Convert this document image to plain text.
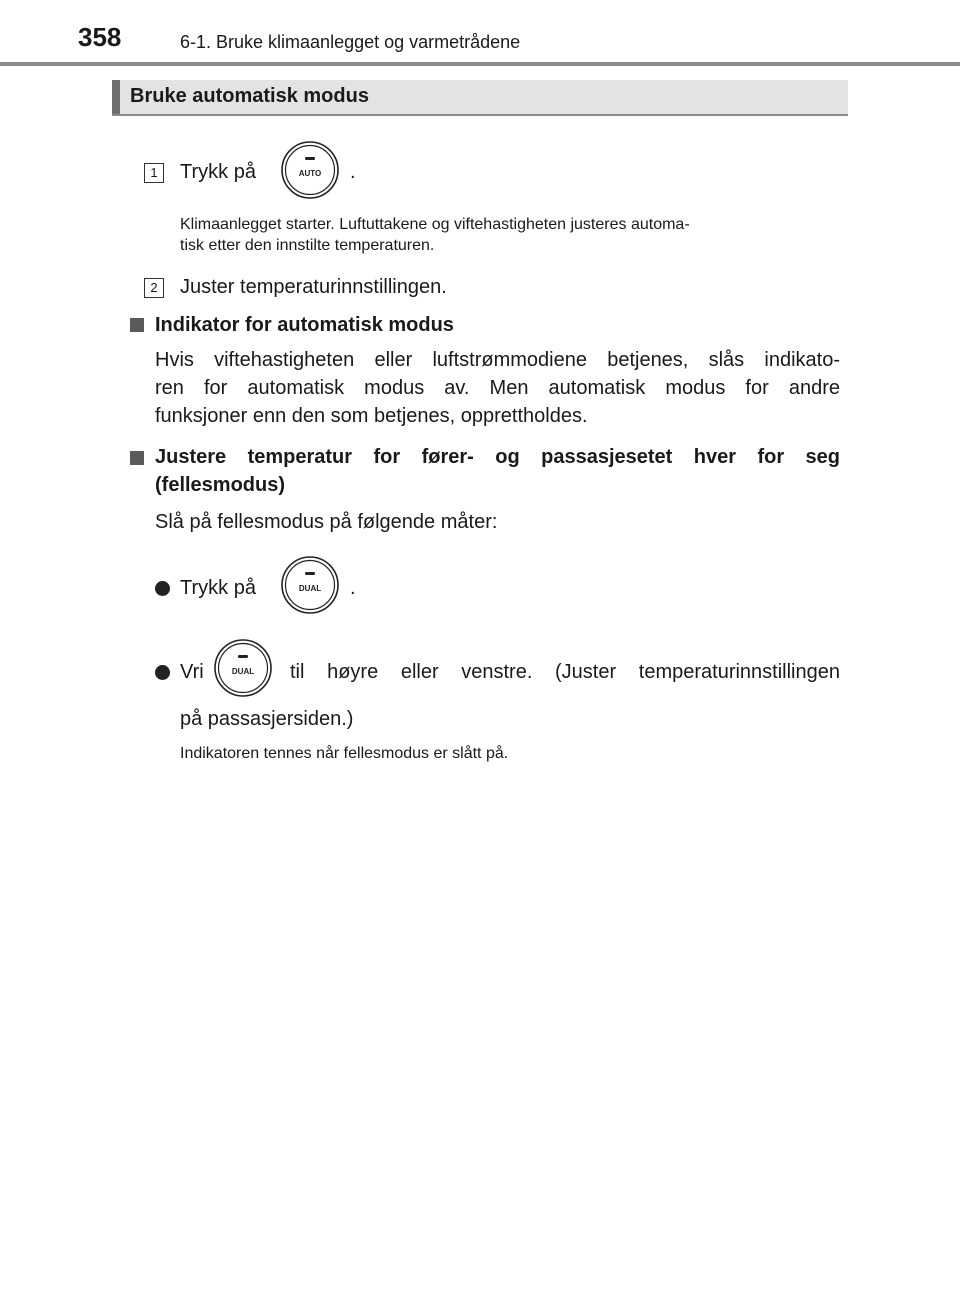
358	6-1. Bruke klimaanlegget og varmetrådene
Bruke automatisk modus
1	Trykk på	AUTO .
Klimaanlegget starter. Luftuttakene og viftehastigheten justeres automa-
tisk etter den innstilte temperaturen.
2	Juster temperaturinnstillingen.
Indikator for automatisk modus
Hvis viftehastigheten eller luftstrømmodiene betjenes, slås indikato-
ren for automatisk modus av. Men automatisk modus for andre
funksjoner enn den som betjenes, opprettholdes.
Justere temperatur for fører- og passasjesetet hver for seg
(fellesmodus)
Slå på fellesmodus på følgende måter:
Trykk på	DUAL .
Vri	DUAL til høyre eller venstre. (Juster temperaturinnstillingen
på passasjersiden.)
Indikatoren tennes når fellesmodus er slått på.
